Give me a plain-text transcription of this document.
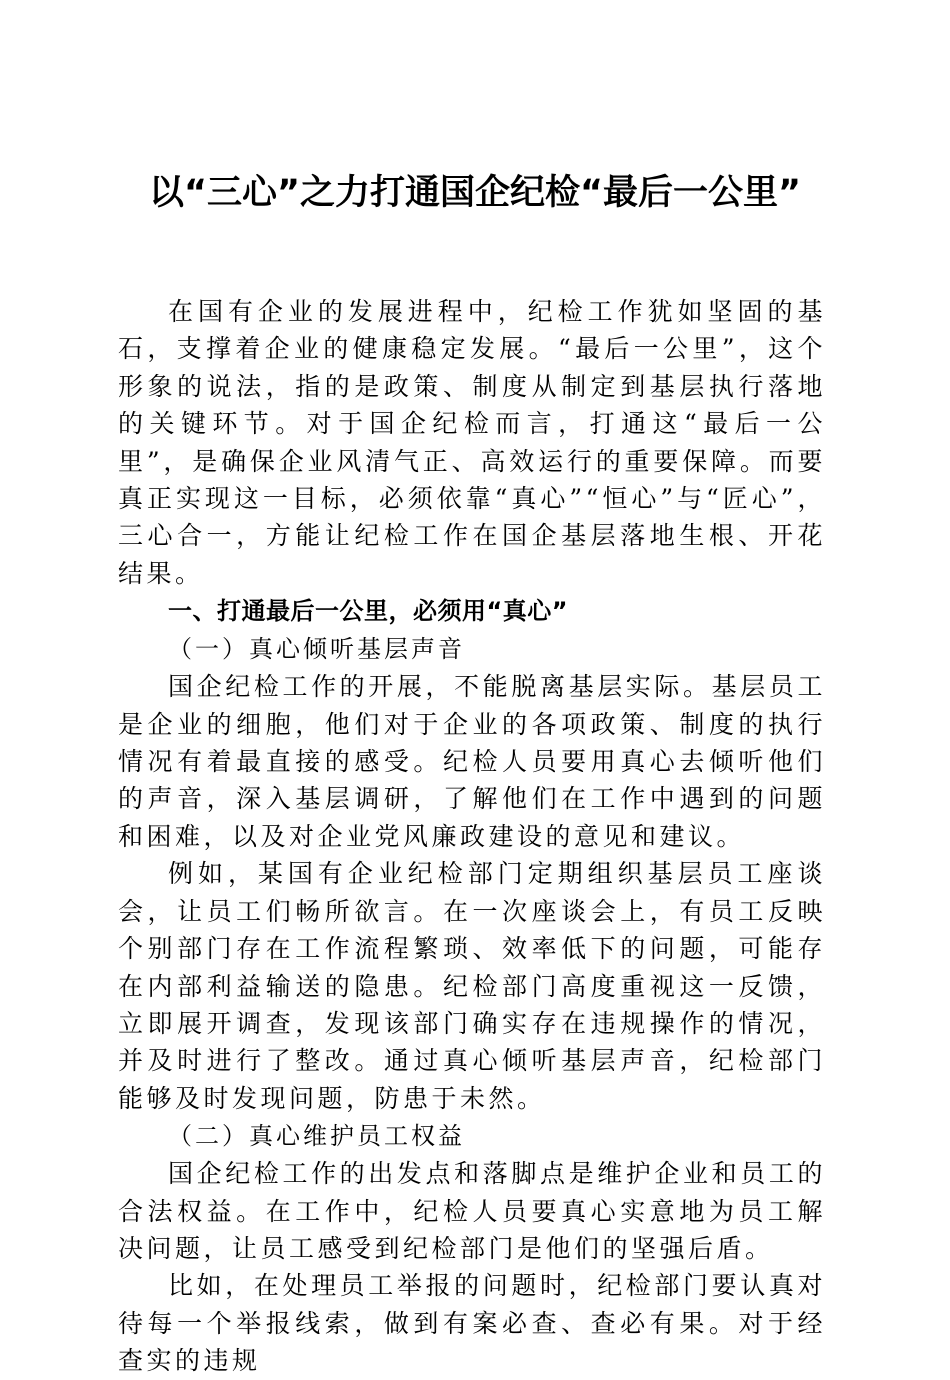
以“三心”之力打通国企纪检“最后一公里”

在国有企业的发展进程中，纪检工作犹如坚固的基石，支撑着企业的健康稳定发展。“最后一公里”，这个形象的说法，指的是政策、制度从制定到基层执行落地的关键环节。对于国企纪检而言，打通这“最后一公里”，是确保企业风清气正、高效运行的重要保障。而要真正实现这一目标，必须依靠“真心”“恒心”与“匠心”，三心合一，方能让纪检工作在国企基层落地生根、开花结果。

一、打通最后一公里，必须用“真心”

（一）真心倾听基层声音

国企纪检工作的开展，不能脱离基层实际。基层员工是企业的细胞，他们对于企业的各项政策、制度的执行情况有着最直接的感受。纪检人员要用真心去倾听他们的声音，深入基层调研，了解他们在工作中遇到的问题和困难，以及对企业党风廉政建设的意见和建议。

例如，某国有企业纪检部门定期组织基层员工座谈会，让员工们畅所欲言。在一次座谈会上，有员工反映个别部门存在工作流程繁琐、效率低下的问题，可能存在内部利益输送的隐患。纪检部门高度重视这一反馈，立即展开调查，发现该部门确实存在违规操作的情况，并及时进行了整改。通过真心倾听基层声音，纪检部门能够及时发现问题，防患于未然。

（二）真心维护员工权益

国企纪检工作的出发点和落脚点是维护企业和员工的合法权益。在工作中，纪检人员要真心实意地为员工解决问题，让员工感受到纪检部门是他们的坚强后盾。

比如，在处理员工举报的问题时，纪检部门要认真对待每一个举报线索，做到有案必查、查必有果。对于经查实的违规
